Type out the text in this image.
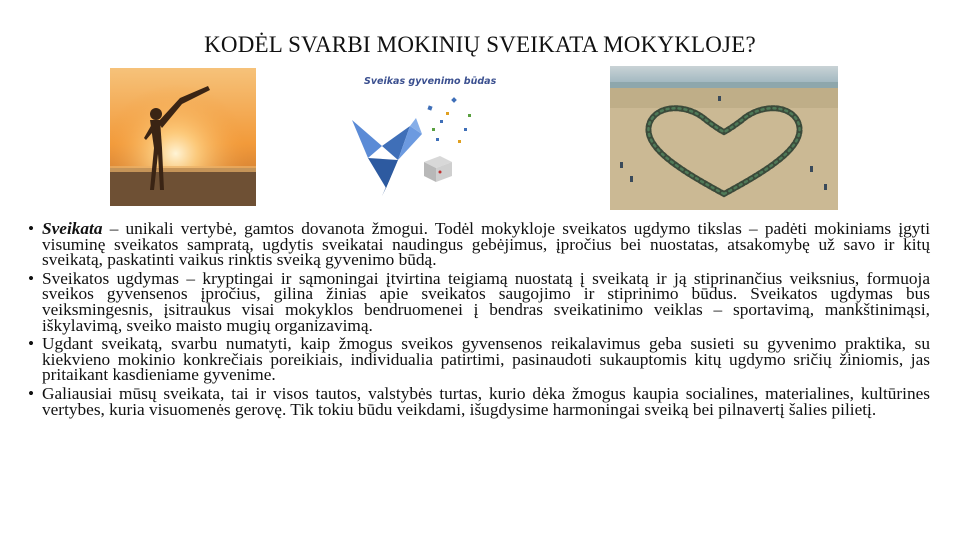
KODĖL SVARBI MOKINIŲ SVEIKATA MOKYKLOJE?
Sveikas gyvenimo būdas
• Sveikata – unikali vertybė, gamtos dovanota žmogui. Todėl mokykloje sveikatos ugdymo tikslas – padėti mokiniams įgyti visuminę sveikatos sampratą, ugdytis sveikatai naudingus gebėjimus, įpročius bei nuostatas, atsakomybę už savo ir kitų sveikatą, paskatinti vaikus rinktis sveiką gyvenimo būdą.
• Sveikatos ugdymas – kryptingai ir sąmoningai įtvirtina teigiamą nuostatą į sveikatą ir ją stiprinančius veiksnius, formuoja sveikos gyvensenos įpročius, gilina žinias apie sveikatos saugojimo ir stiprinimo būdus. Sveikatos ugdymas bus veiksmingesnis, įsitraukus visai mokyklos bendruomenei į bendras sveikatinimo veiklas – sportavimą, mankštinimąsi, iškylavimą, sveiko maisto mugių organizavimą.
• Ugdant sveikatą, svarbu numatyti, kaip žmogus sveikos gyvensenos reikalavimus geba susieti su gyvenimo praktika, su kiekvieno mokinio konkrečiais poreikiais, individualia patirtimi, pasinaudoti sukauptomis kitų ugdymo sričių žiniomis, jas pritaikant kasdieniame gyvenime.
• Galiausiai mūsų sveikata, tai ir visos tautos, valstybės turtas, kurio dėka žmogus kaupia socialines, materialines, kultūrines vertybes, kuria visuomenės gerovę. Tik tokiu būdu veikdami, išugdysime harmoningai sveiką bei pilnavertį šalies pilietį.
